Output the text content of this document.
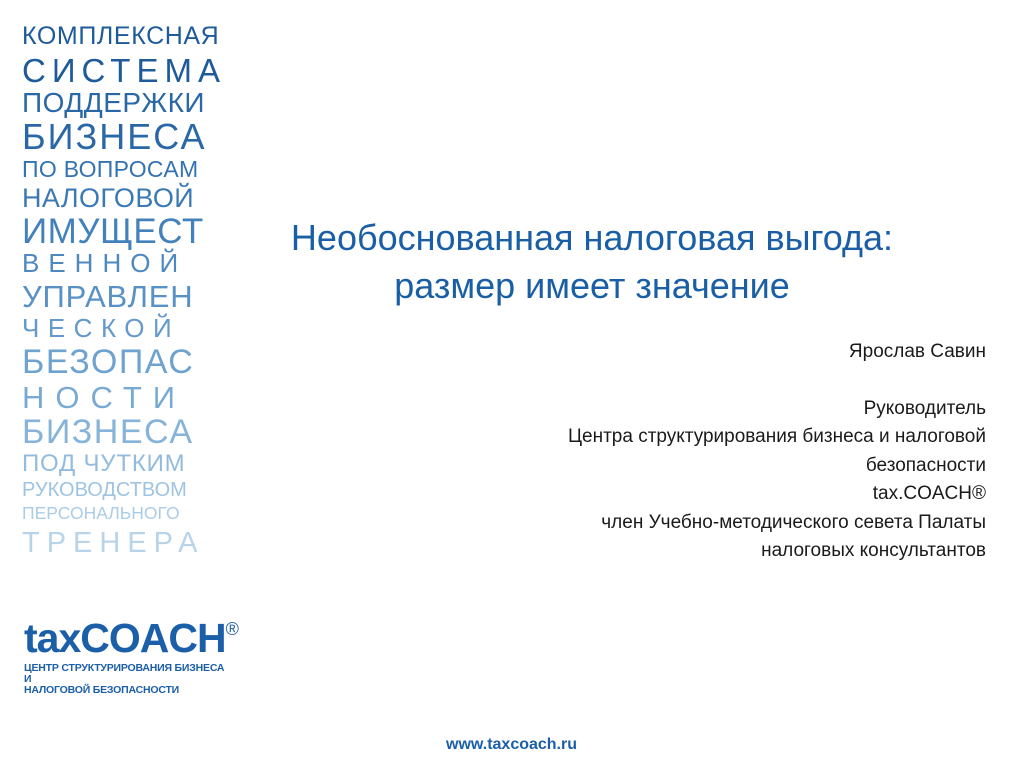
КОМПЛЕКСНАЯ
СИСТЕМА
ПОДДЕРЖКИ
БИЗНЕСА
ПО ВОПРОСАМ
НАЛОГОВОЙ
ИМУЩЕСТ
ВЕННОЙ
УПРАВЛЕН
ЧЕСКОЙ
БЕЗОПАС
НОСТИ
БИЗНЕСА
ПОД ЧУТКИМ
РУКОВОДСТВОМ
ПЕРСОНАЛЬНОГО
ТРЕНЕРА
taxCOACH®
ЦЕНТР СТРУКТУРИРОВАНИЯ БИЗНЕСА И
НАЛОГОВОЙ БЕЗОПАСНОСТИ
www.taxcoach.ru
Необоснованная налоговая выгода:
размер имеет значение
Ярослав Савин
Руководитель
Центра структурирования бизнеса и налоговой
безопасности
tax.COACH®
член Учебно-методического севета Палаты
налоговых консультантов
